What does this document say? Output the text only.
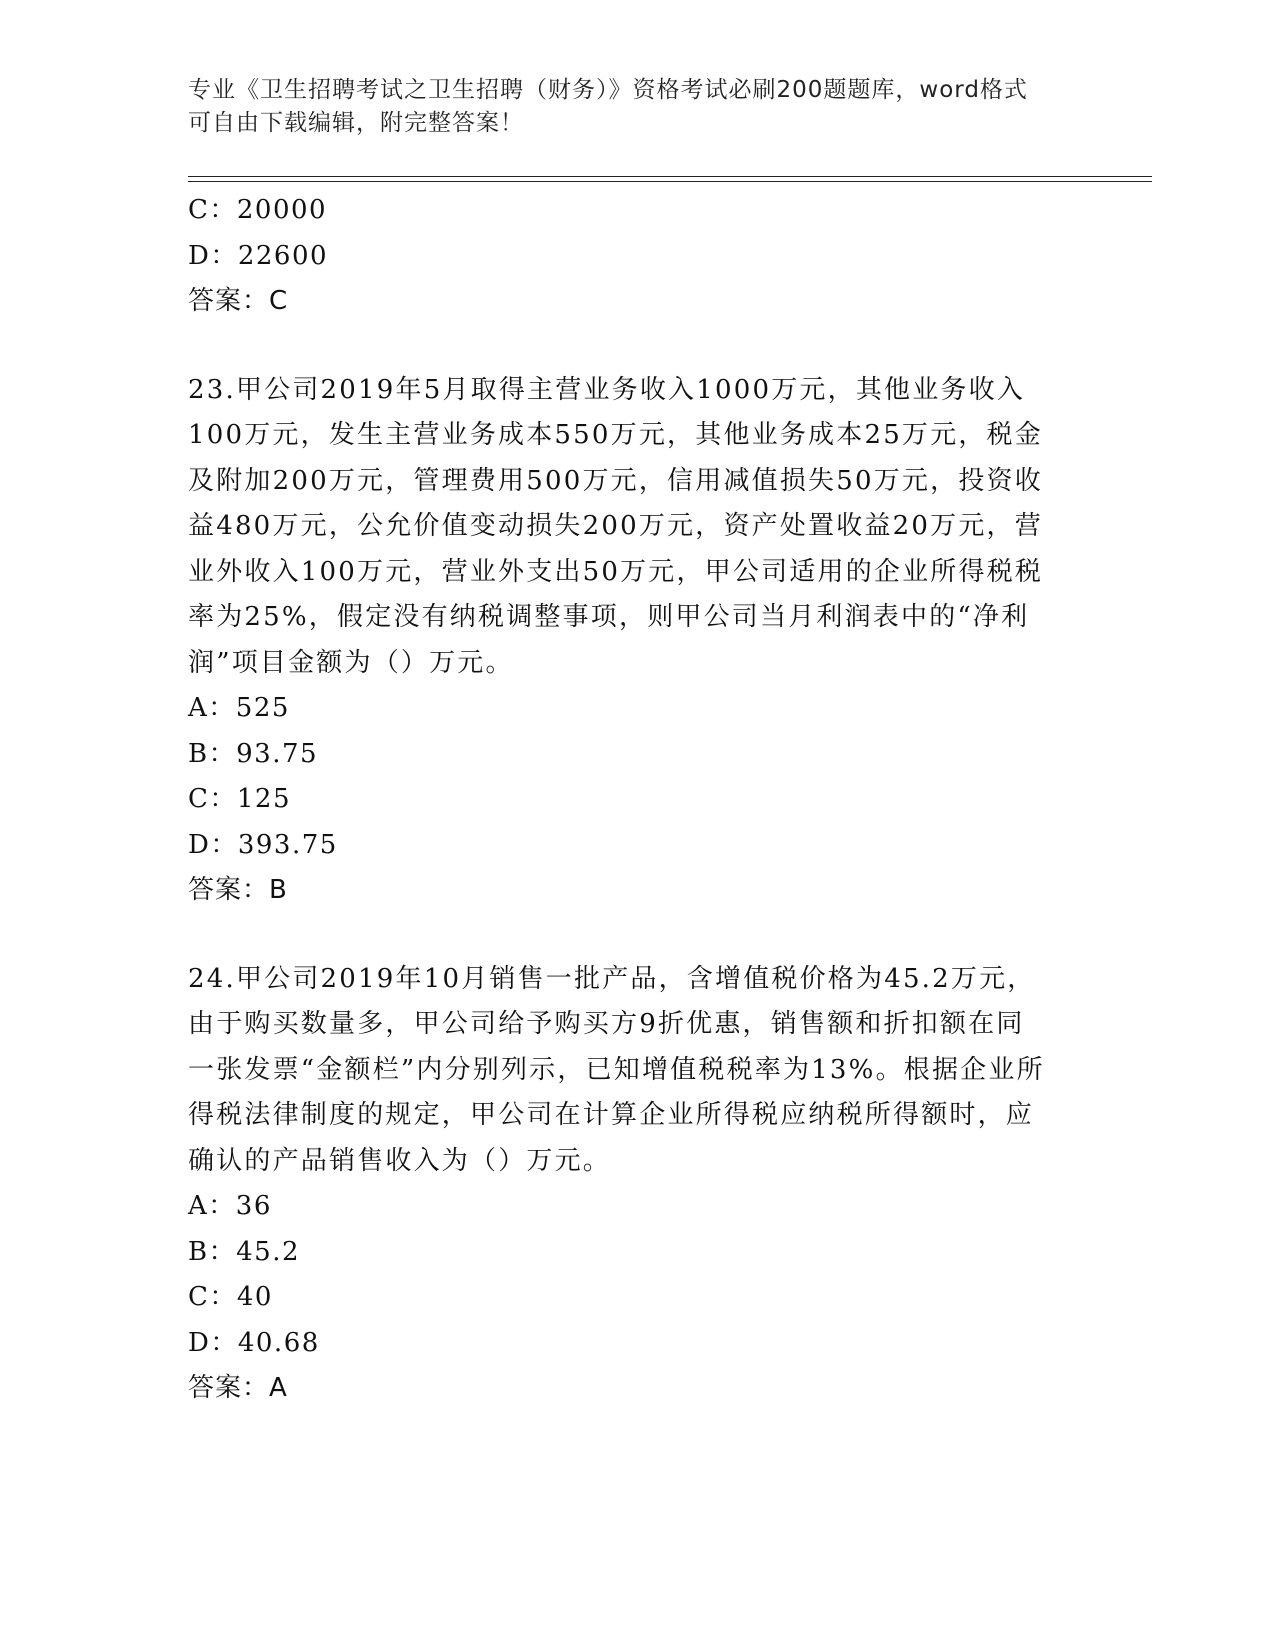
专业《卫生招聘考试之卫生招聘（财务）》资格考试必刷200题题库，word格式
可自由下载编辑，附完整答案！
C：20000
D：22600
答案：C
23.甲公司2019年5月取得主营业务收入1000万元，其他业务收入
100万元，发生主营业务成本550万元，其他业务成本25万元，税金
及附加200万元，管理费用500万元，信用减值损失50万元，投资收
益480万元，公允价值变动损失200万元，资产处置收益20万元，营
业外收入100万元，营业外支出50万元，甲公司适用的企业所得税税
率为25%，假定没有纳税调整事项，则甲公司当月利润表中的“净利
润”项目金额为（）万元。
A：525
B：93.75
C：125
D：393.75
答案：B
24.甲公司2019年10月销售一批产品，含增值税价格为45.2万元，
由于购买数量多，甲公司给予购买方9折优惠，销售额和折扣额在同
一张发票“金额栏”内分别列示，已知增值税税率为13%。根据企业所
得税法律制度的规定，甲公司在计算企业所得税应纳税所得额时，应
确认的产品销售收入为（）万元。
A：36
B：45.2
C：40
D：40.68
答案：A
